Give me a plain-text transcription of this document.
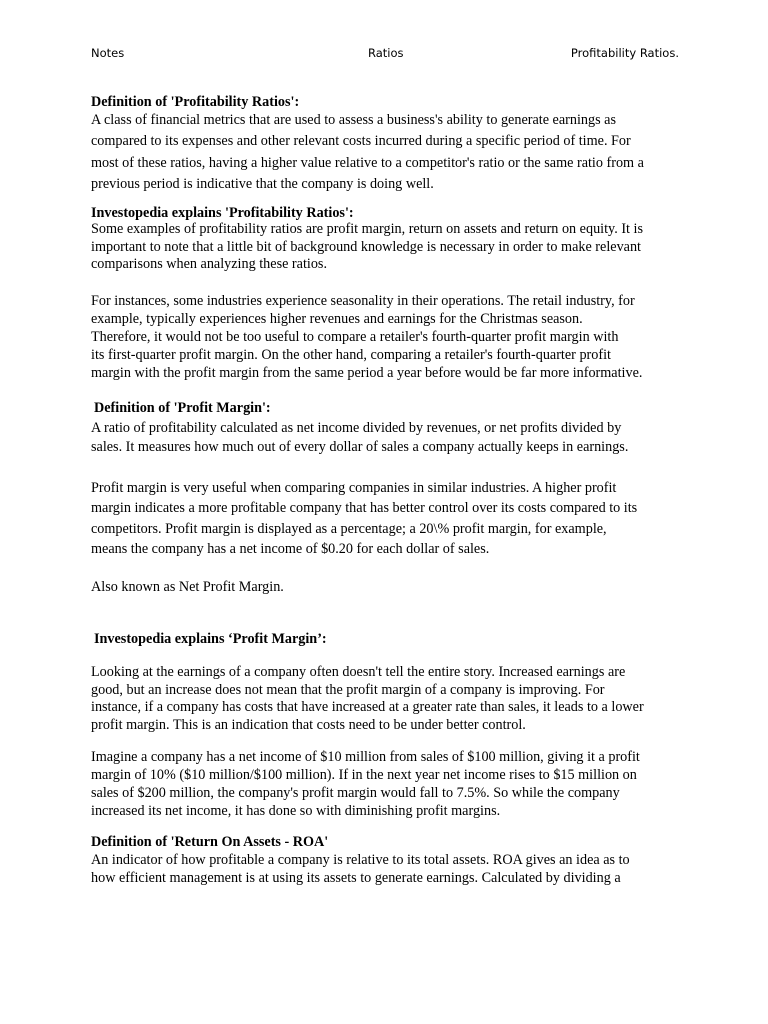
Notes	Ratios	Profitability Ratios.
Definition of 'Profitability Ratios':
A class of financial metrics that are used to assess a business's ability to generate earnings as
compared to its expenses and other relevant costs incurred during a specific period of time. For
most of these ratios, having a higher value relative to a competitor's ratio or the same ratio from a
previous period is indicative that the company is doing well.
Investopedia explains 'Profitability Ratios':
Some examples of profitability ratios are profit margin, return on assets and return on equity. It is
important to note that a little bit of background knowledge is necessary in order to make relevant
comparisons when analyzing these ratios.
For instances, some industries experience seasonality in their operations. The retail industry, for
example, typically experiences higher revenues and earnings for the Christmas season.
Therefore, it would not be too useful to compare a retailer's fourth-quarter profit margin with
its first-quarter profit margin. On the other hand, comparing a retailer's fourth-quarter profit
margin with the profit margin from the same period a year before would be far more informative.
Definition of 'Profit Margin':
A ratio of profitability calculated as net income divided by revenues, or net profits divided by
sales. It measures how much out of every dollar of sales a company actually keeps in earnings.
Profit margin is very useful when comparing companies in similar industries. A higher profit
margin indicates a more profitable company that has better control over its costs compared to its
competitors. Profit margin is displayed as a percentage; a 20\% profit margin, for example,
means the company has a net income of $0.20 for each dollar of sales.
Also known as Net Profit Margin.
Investopedia explains ‘Profit Margin’:
Looking at the earnings of a company often doesn't tell the entire story. Increased earnings are
good, but an increase does not mean that the profit margin of a company is improving. For
instance, if a company has costs that have increased at a greater rate than sales, it leads to a lower
profit margin. This is an indication that costs need to be under better control.
Imagine a company has a net income of $10 million from sales of $100 million, giving it a profit
margin of 10% ($10 million/$100 million). If in the next year net income rises to $15 million on
sales of $200 million, the company's profit margin would fall to 7.5%. So while the company
increased its net income, it has done so with diminishing profit margins.
Definition of 'Return On Assets - ROA'
An indicator of how profitable a company is relative to its total assets. ROA gives an idea as to
how efficient management is at using its assets to generate earnings. Calculated by dividing a
